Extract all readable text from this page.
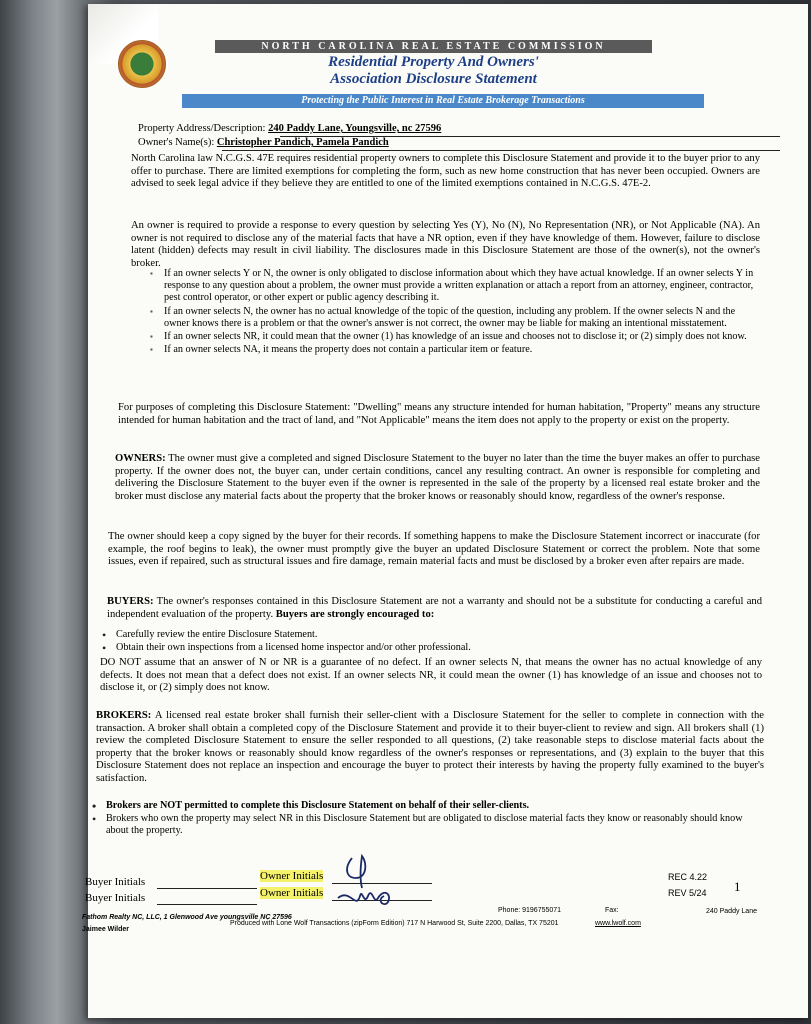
NORTH CAROLINA REAL ESTATE COMMISSION
Residential Property And Owners'
Association Disclosure Statement
Protecting the Public Interest in Real Estate Brokerage Transactions
Property Address/Description: 240 Paddy Lane, Youngsville, nc 27596
Owner's Name(s): Christopher Pandich, Pamela Pandich
North Carolina law N.C.G.S. 47E requires residential property owners to complete this Disclosure Statement and provide it to the buyer prior to any offer to purchase. There are limited exemptions for completing the form, such as new home construction that has never been occupied. Owners are advised to seek legal advice if they believe they are entitled to one of the limited exemptions contained in N.C.G.S. 47E-2.
An owner is required to provide a response to every question by selecting Yes (Y), No (N), No Representation (NR), or Not Applicable (NA). An owner is not required to disclose any of the material facts that have a NR option, even if they have knowledge of them. However, failure to disclose latent (hidden) defects may result in civil liability. The disclosures made in this Disclosure Statement are those of the owner(s), not the owner's broker.
▪ If an owner selects Y or N, the owner is only obligated to disclose information about which they have actual knowledge. If an owner selects Y in response to any question about a problem, the owner must provide a written explanation or attach a report from an attorney, engineer, contractor, pest control operator, or other expert or public agency describing it.
▪ If an owner selects N, the owner has no actual knowledge of the topic of the question, including any problem. If the owner selects N and the owner knows there is a problem or that the owner's answer is not correct, the owner may be liable for making an intentional misstatement.
▪ If an owner selects NR, it could mean that the owner (1) has knowledge of an issue and chooses not to disclose it; or (2) simply does not know.
▪ If an owner selects NA, it means the property does not contain a particular item or feature.
For purposes of completing this Disclosure Statement: "Dwelling" means any structure intended for human habitation, "Property" means any structure intended for human habitation and the tract of land, and "Not Applicable" means the item does not apply to the property or exist on the property.
OWNERS: The owner must give a completed and signed Disclosure Statement to the buyer no later than the time the buyer makes an offer to purchase property. If the owner does not, the buyer can, under certain conditions, cancel any resulting contract. An owner is responsible for completing and delivering the Disclosure Statement to the buyer even if the owner is represented in the sale of the property by a licensed real estate broker and the broker must disclose any material facts about the property that the broker knows or reasonably should know, regardless of the owner's response.
The owner should keep a copy signed by the buyer for their records. If something happens to make the Disclosure Statement incorrect or inaccurate (for example, the roof begins to leak), the owner must promptly give the buyer an updated Disclosure Statement or correct the problem. Note that some issues, even if repaired, such as structural issues and fire damage, remain material facts and must be disclosed by a broker even after repairs are made.
BUYERS: The owner's responses contained in this Disclosure Statement are not a warranty and should not be a substitute for conducting a careful and independent evaluation of the property. Buyers are strongly encouraged to:
• Carefully review the entire Disclosure Statement.
• Obtain their own inspections from a licensed home inspector and/or other professional.
DO NOT assume that an answer of N or NR is a guarantee of no defect. If an owner selects N, that means the owner has no actual knowledge of any defects. It does not mean that a defect does not exist. If an owner selects NR, it could mean the owner (1) has knowledge of an issue and chooses not to disclose it, or (2) simply does not know.
BROKERS: A licensed real estate broker shall furnish their seller-client with a Disclosure Statement for the seller to complete in connection with the transaction. A broker shall obtain a completed copy of the Disclosure Statement and provide it to their buyer-client to review and sign. All brokers shall (1) review the completed Disclosure Statement to ensure the seller responded to all questions, (2) take reasonable steps to disclose material facts about the property that the broker knows or reasonably should know regardless of the owner's responses or representations, and (3) explain to the buyer that this Disclosure Statement does not replace an inspection and encourage the buyer to protect their interests by having the property fully examined to the buyer's satisfaction.
• Brokers are NOT permitted to complete this Disclosure Statement on behalf of their seller-clients.
• Brokers who own the property may select NR in this Disclosure Statement but are obligated to disclose material facts they know or reasonably should know about the property.
Buyer Initials
Buyer Initials
Owner Initials
Owner Initials
REC 4.22
REV 5/24 1
Fathom Realty NC, LLC, 1 Glenwood Ave youngsville NC 27596
Jaimee Wilder
Phone: 9196755071	Fax:	240 Paddy Lane
Produced with Lone Wolf Transactions (zipForm Edition) 717 N Harwood St, Suite 2200, Dallas, TX 75201	www.lwolf.com
